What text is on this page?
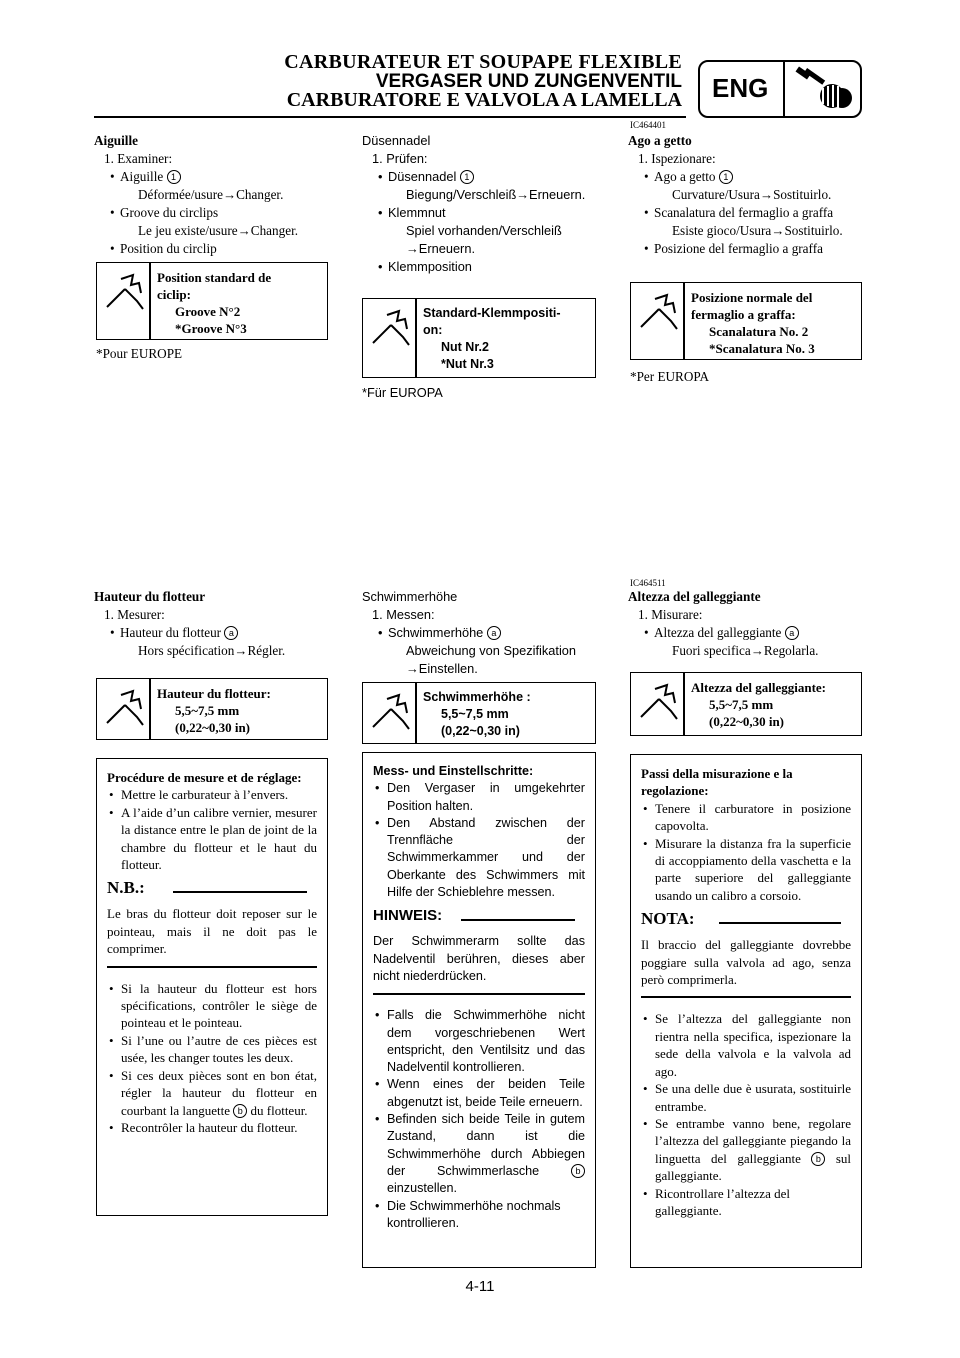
CARBURATEUR ET SOUPAPE FLEXIBLE
VERGASER UND ZUNGENVENTIL
CARBURATORE E VALVOLA A LAMELLA ENG
IC464401
IC464511

Aiguille

1. Examiner:

• Aiguille 1

Déformée/usure→Changer.

• Groove du circlips

Le jeu existe/usure→Changer.

• Position du circlip

Position standard de
ciclip:
Groove N°2
*Groove N°3
*Pour EUROPE

Hauteur du flotteur

1. Mesurer:

• Hauteur du flotteur a

Hors spécification→Régler.

Hauteur du flotteur:
5,5~7,5 mm
(0,22~0,30 in)

Procédure de mesure et de réglage:

• Mettre le carburateur à l’envers.

• A l’aide d’un calibre vernier, mesurer la distance entre le plan de joint de la chambre du flotteur et le haut du flotteur.

N.B.:

Le bras du flotteur doit reposer sur le pointeau, mais il ne doit pas le comprimer.

• Si la hauteur du flotteur est hors spécifications, contrôler le siège de pointeau et le pointeau.

• Si l’une ou l’autre de ces pièces est usée, les changer toutes les deux.

• Si ces deux pièces sont en bon état, régler la hauteur du flotteur en courbant la languette b du flotteur.

• Recontrôler la hauteur du flotteur.

Düsennadel

1. Prüfen:

• Düsennadel 1

Biegung/Verschleiß→Erneuern.

• Klemmnut

Spiel vorhanden/Verschleiß →Erneuern.

• Klemmposition

Standard-Klemmpositi-
on:
Nut Nr.2
*Nut Nr.3
*Für EUROPA

Schwimmerhöhe

1. Messen:

• Schwimmerhöhe a

Abweichung von Spezifikation →Einstellen.

Schwimmerhöhe :
5,5~7,5 mm
(0,22~0,30 in)

Mess- und Einstellschritte:

• Den Vergaser in umgekehrter Position halten.

• Den Abstand zwischen der Trennfläche der Schwimmerkammer und der Oberkante des Schwimmers mit Hilfe der Schieblehre messen.

HINWEIS:

Der Schwimmerarm sollte das Nadelventil berühren, dieses aber nicht niederdrücken.

• Falls die Schwimmerhöhe nicht dem vorgeschriebenen Wert entspricht, den Ventilsitz und das Nadelventil kontrollieren.

• Wenn eines der beiden Teile abgenutzt ist, beide Teile erneuern.

• Befinden sich beide Teile in gutem Zustand, dann ist die Schwimmerhöhe durch Abbiegen der Schwimmerlasche	b einzustellen.

• Die Schwimmerhöhe nochmals kontrollieren.

Ago a getto

1. Ispezionare:

• Ago a getto 1

Curvature/Usura→Sostituirlo.

• Scanalatura del fermaglio a graffa

Esiste gioco/Usura→Sostituirlo.

• Posizione del fermaglio a graffa

Posizione normale del
fermaglio a graffa:
Scanalatura No. 2
*Scanalatura No. 3
*Per EUROPA

Altezza del galleggiante

1. Misurare:

• Altezza del galleggiante a

Fuori specifica→Regolarla.

Altezza del galleggiante:
5,5~7,5 mm
(0,22~0,30 in)

Passi della misurazione e la regolazione:

• Tenere il carburatore in posizione capovolta.

• Misurare la distanza fra la superficie di accoppiamento della vaschetta e la parte superiore del galleggiante usando un calibro a corsoio.

NOTA:

Il braccio del galleggiante dovrebbe poggiare sulla valvola ad ago, senza però comprimerla.

• Se l’altezza del galleggiante non rientra nella specifica, ispezionare la sede della valvola e la valvola ad ago.

• Se una delle due è usurata, sostituirle entrambe.

• Se entrambe vanno bene, regolare l’altezza del galleggiante piegando la linguetta del galleggiante b sul galleggiante.

• Ricontrollare l’altezza del galleggiante.

4-11
